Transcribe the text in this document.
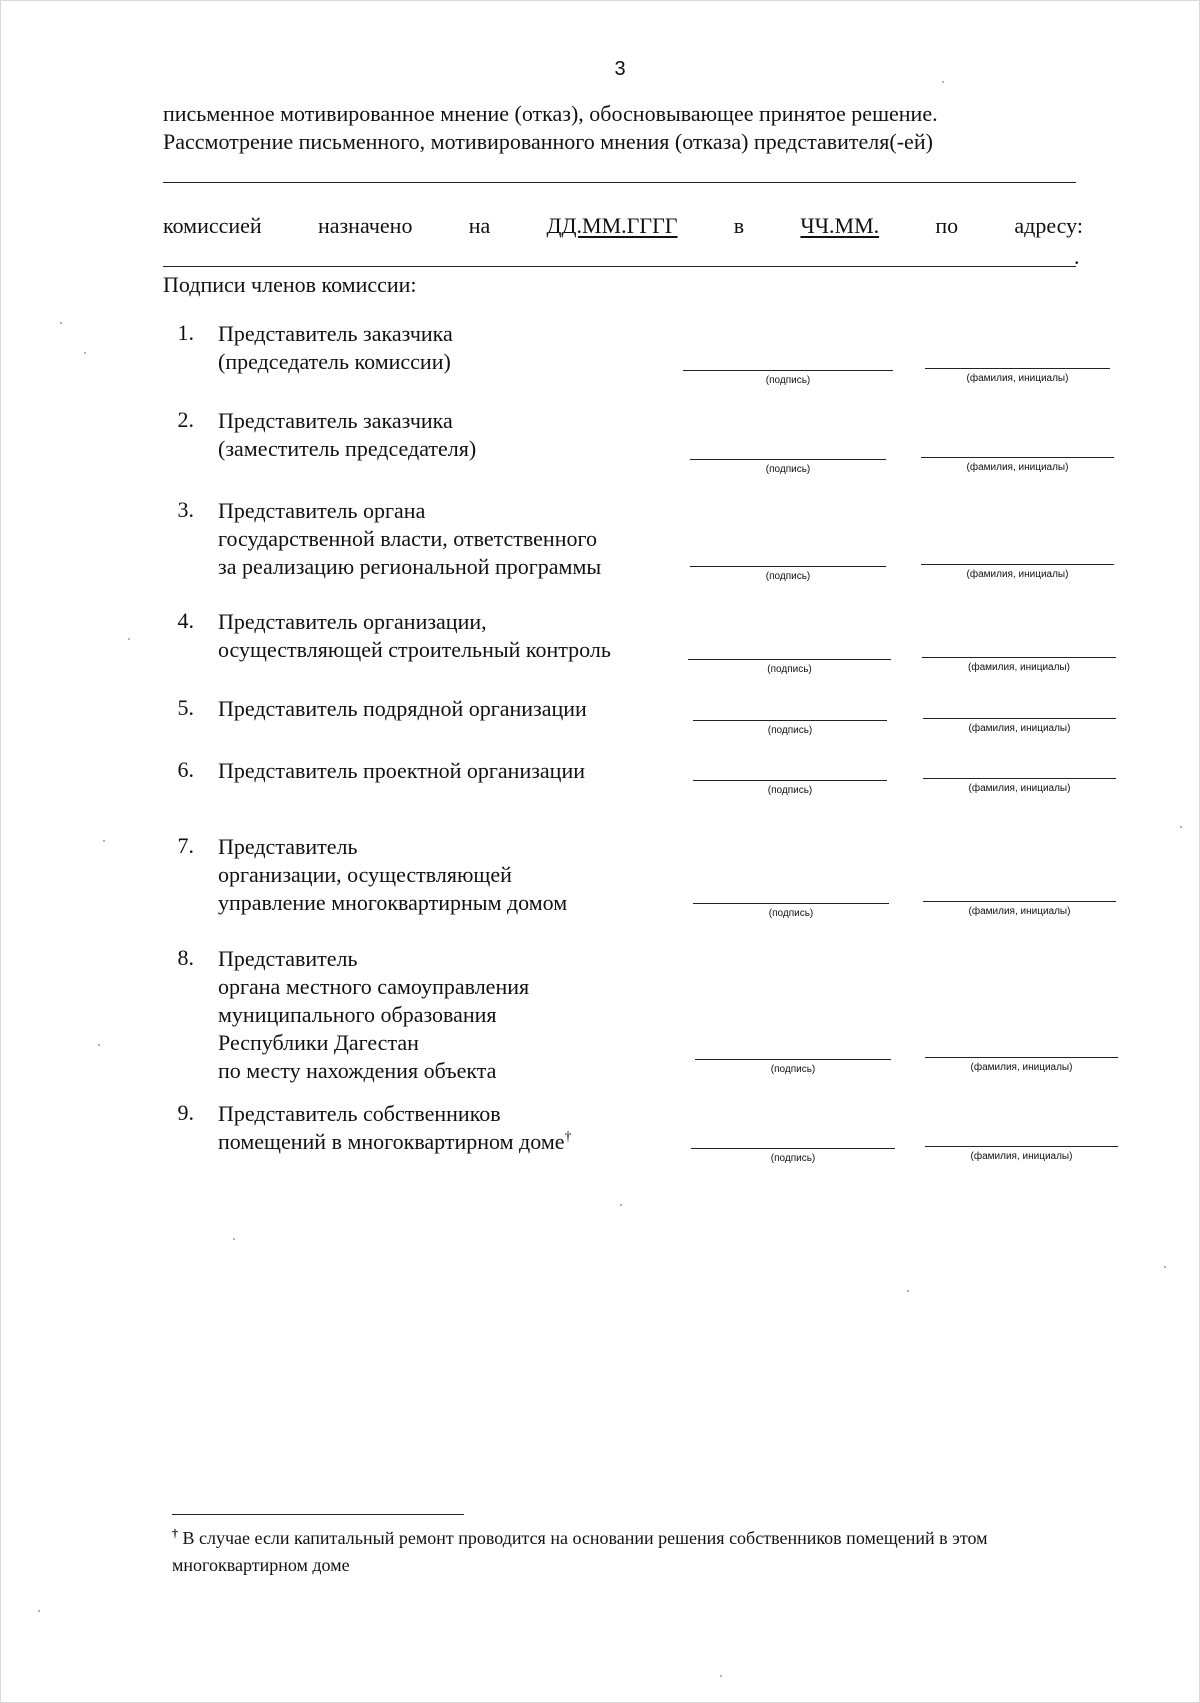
3
письменное мотивированное мнение (отказ), обосновывающее принятое решение.
Рассмотрение письменного, мотивированного мнения (отказа) представителя(-ей)
комиссией	назначено	на	ДД.ММ.ГГГГ	в	ЧЧ.ММ.	по	адресу:
.
Подписи членов комиссии:
1. Представитель заказчика
(председатель комиссии)
(подпись)	(фамилия, инициалы)
2. Представитель заказчика
(заместитель председателя)
(подпись)	(фамилия, инициалы)
3. Представитель органа
государственной власти, ответственного
за реализацию региональной программы	(подпись)	(фамилия, инициалы)
4. Представитель организации,
осуществляющей строительный контроль
(подпись)	(фамилия, инициалы)
5. Представитель подрядной организации
(подпись)	(фамилия, инициалы)
6. Представитель проектной организации
(подпись)	(фамилия, инициалы)
7. Представитель
организации, осуществляющей
управление многоквартирным домом	(подпись)	(фамилия, инициалы)
8. Представитель
органа местного самоуправления
муниципального образования
Республики Дагестан
по месту нахождения объекта	(подпись)	(фамилия, инициалы)
9. Представитель собственников
помещений в многоквартирном доме†
(подпись)	(фамилия, инициалы)
† В случае если капитальный ремонт проводится на основании решения собственников помещений в этом многоквартирном доме
